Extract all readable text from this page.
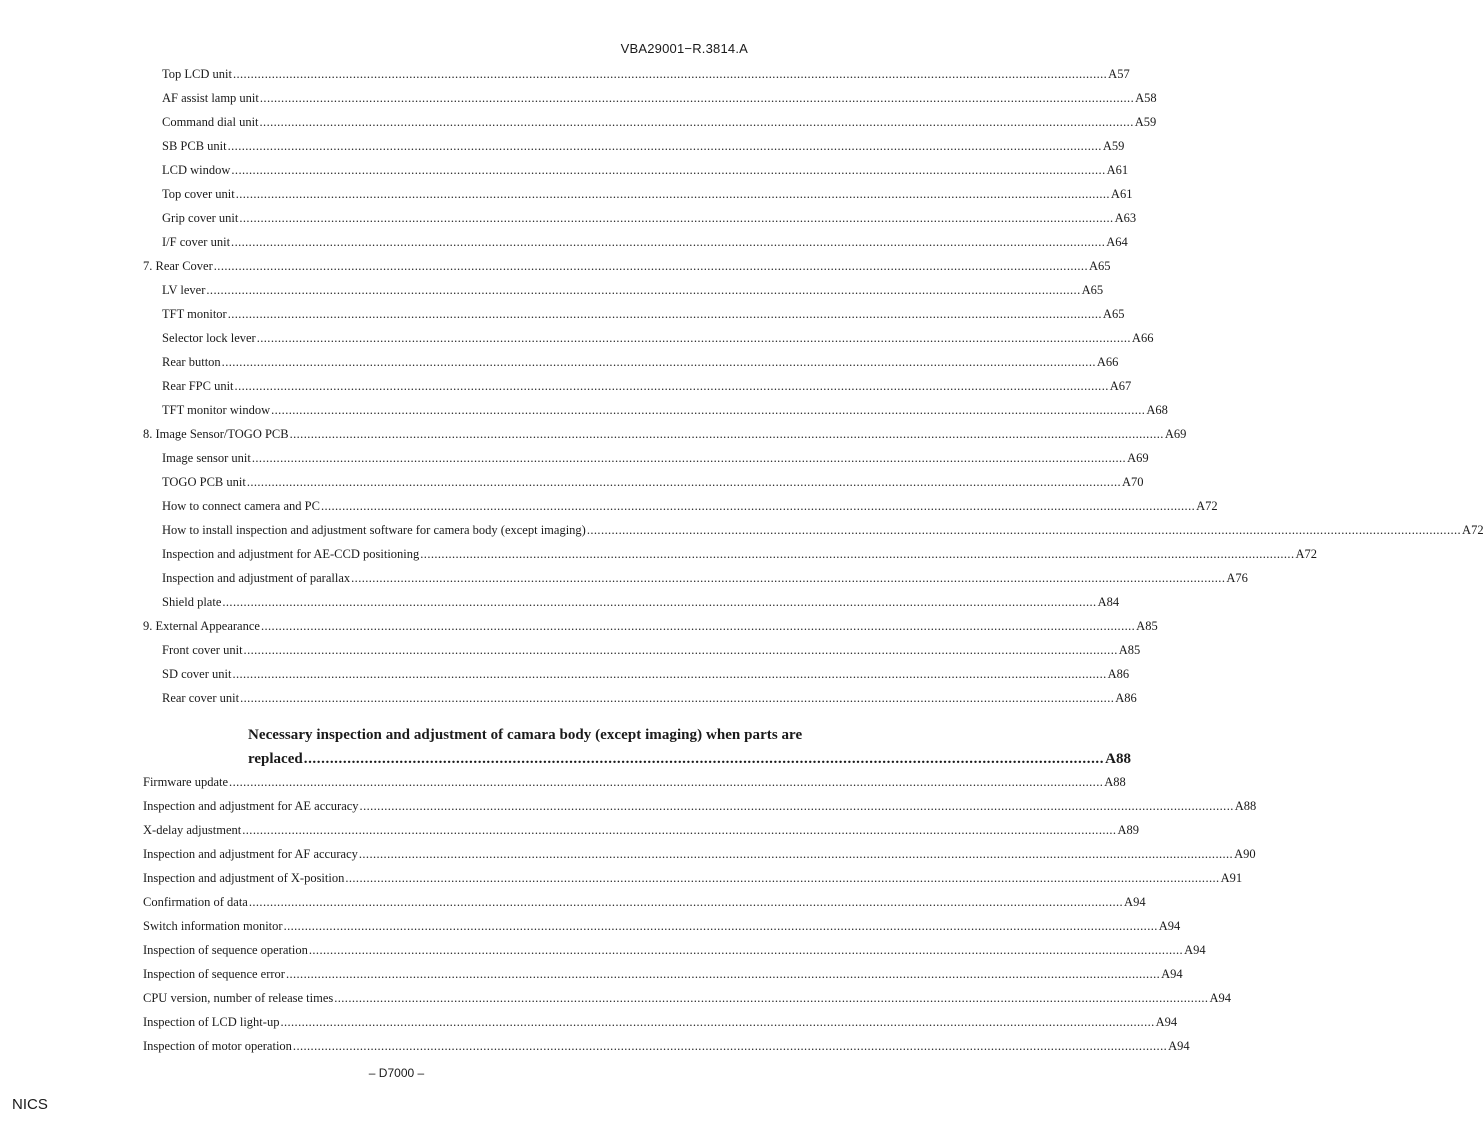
VBA29001−R.3814.A
Top LCD unit .....	A57
AF assist lamp unit .....	A58
Command dial unit .....	A59
SB PCB unit .....	A59
LCD window .....	A61
Top cover unit .....	A61
Grip cover unit .....	A63
I/F cover unit .....	A64
7. Rear Cover .....	A65
LV lever .....	A65
TFT monitor .....	A65
Selector lock lever .....	A66
Rear button .....	A66
Rear FPC unit .....	A67
TFT monitor window .....	A68
8. Image Sensor/TOGO PCB .....	A69
Image sensor unit .....	A69
TOGO PCB unit .....	A70
How to connect camera and PC .....	A72
How to install inspection and adjustment software for camera body (except imaging) .....	A72
Inspection and adjustment for AE-CCD positioning .....	A72
Inspection and adjustment of parallax .....	A76
Shield plate .....	A84
9. External Appearance .....	A85
Front cover unit .....	A85
SD cover unit .....	A86
Rear cover unit .....	A86
Necessary inspection and adjustment of camara body (except imaging) when parts are
replaced .....	A88
Firmware update .....	A88
Inspection and adjustment for AE accuracy .....	A88
X-delay adjustment .....	A89
Inspection and adjustment for AF accuracy .....	A90
Inspection and adjustment of X-position .....	A91
Confirmation of data .....	A94
Switch information monitor .....	A94
Inspection of sequence operation .....	A94
Inspection of sequence error .....	A94
CPU version, number of release times .....	A94
Inspection of LCD light-up .....	A94
Inspection of motor operation .....	A94
– D7000 –
NICS
